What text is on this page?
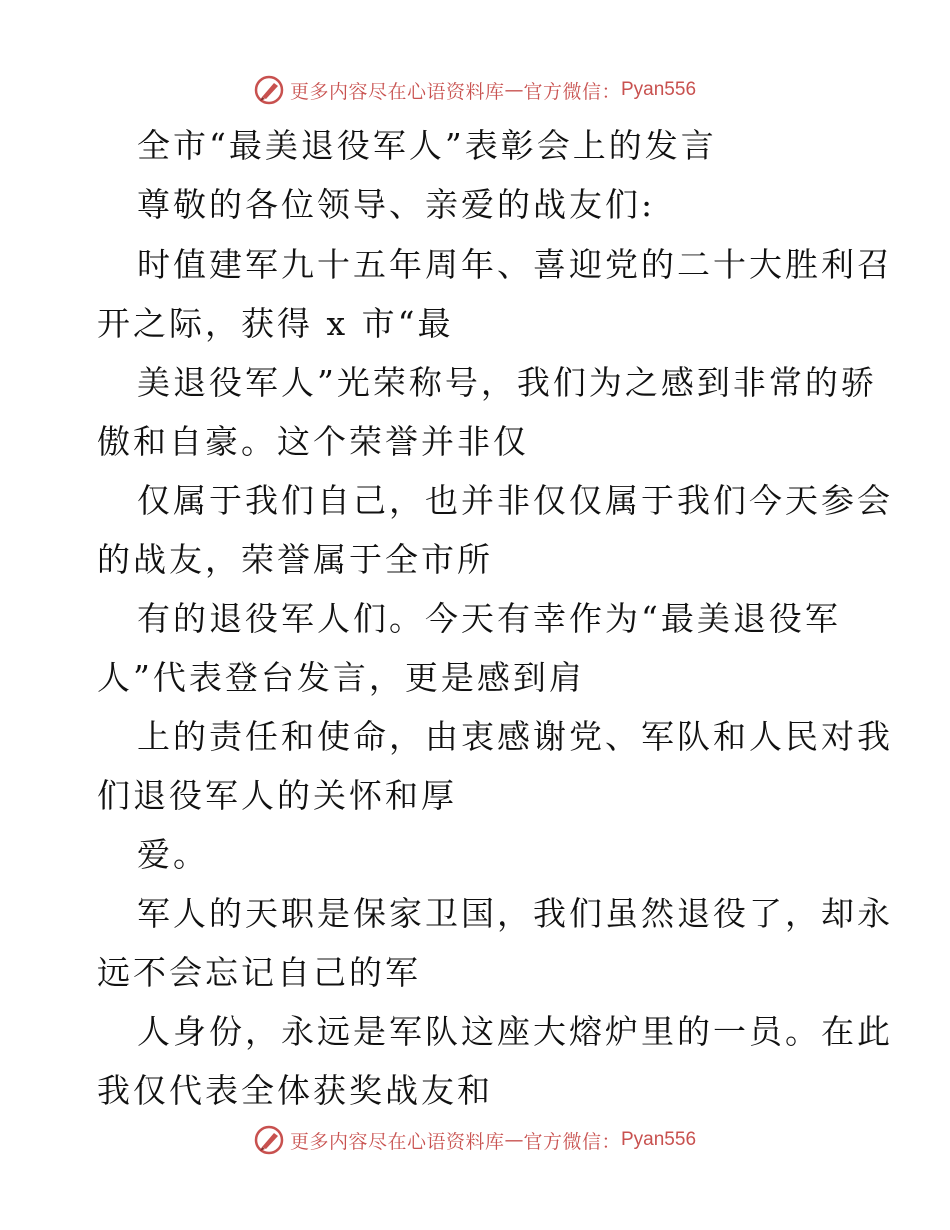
更多内容尽在心语资料库 — 官方微信： Pyan556
全市“最美退役军人”表彰会上的发言
尊敬的各位领导、亲爱的战友们:
时值建军九十五年周年、喜迎党的二十大胜利召
开之际，获得 x 市“最
美退役军人”光荣称号，我们为之感到非常的骄
傲和自豪。这个荣誉并非仅
仅属于我们自己，也并非仅仅属于我们今天参会
的战友，荣誉属于全市所
有的退役军人们。今天有幸作为“最美退役军
人”代表登台发言，更是感到肩
上的责任和使命，由衷感谢党、军队和人民对我
们退役军人的关怀和厚
爱。
军人的天职是保家卫国，我们虽然退役了，却永
远不会忘记自己的军
人身份，永远是军队这座大熔炉里的一员。在此
我仅代表全体获奖战友和
更多内容尽在心语资料库 — 官方微信： Pyan556
